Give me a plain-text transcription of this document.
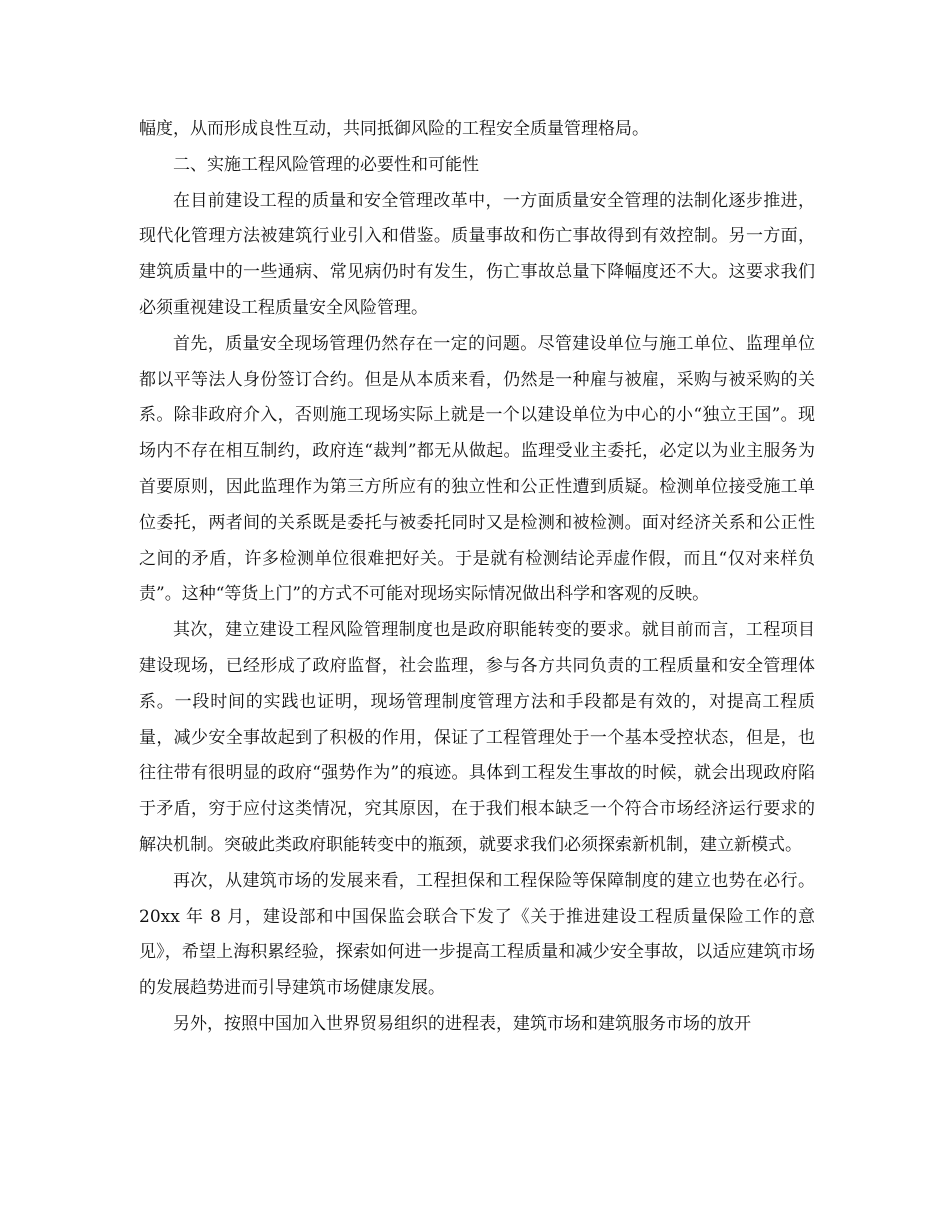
幅度，从而形成良性互动，共同抵御风险的工程安全质量管理格局。

二、实施工程风险管理的必要性和可能性

在目前建设工程的质量和安全管理改革中，一方面质量安全管理的法制化逐步推进，现代化管理方法被建筑行业引入和借鉴。质量事故和伤亡事故得到有效控制。另一方面，建筑质量中的一些通病、常见病仍时有发生，伤亡事故总量下降幅度还不大。这要求我们必须重视建设工程质量安全风险管理。

首先，质量安全现场管理仍然存在一定的问题。尽管建设单位与施工单位、监理单位都以平等法人身份签订合约。但是从本质来看，仍然是一种雇与被雇，采购与被采购的关系。除非政府介入，否则施工现场实际上就是一个以建设单位为中心的小“独立王国”。现场内不存在相互制约，政府连“裁判”都无从做起。监理受业主委托，必定以为业主服务为首要原则，因此监理作为第三方所应有的独立性和公正性遭到质疑。检测单位接受施工单位委托，两者间的关系既是委托与被委托同时又是检测和被检测。面对经济关系和公正性之间的矛盾，许多检测单位很难把好关。于是就有检测结论弄虚作假，而且“仅对来样负责”。这种“等货上门”的方式不可能对现场实际情况做出科学和客观的反映。

其次，建立建设工程风险管理制度也是政府职能转变的要求。就目前而言，工程项目建设现场，已经形成了政府监督，社会监理，参与各方共同负责的工程质量和安全管理体系。一段时间的实践也证明，现场管理制度管理方法和手段都是有效的，对提高工程质量，减少安全事故起到了积极的作用，保证了工程管理处于一个基本受控状态，但是，也往往带有很明显的政府“强势作为”的痕迹。具体到工程发生事故的时候，就会出现政府陷于矛盾，穷于应付这类情况，究其原因，在于我们根本缺乏一个符合市场经济运行要求的解决机制。突破此类政府职能转变中的瓶颈，就要求我们必须探索新机制，建立新模式。

再次，从建筑市场的发展来看，工程担保和工程保险等保障制度的建立也势在必行。20xx 年 8 月，建设部和中国保监会联合下发了《关于推进建设工程质量保险工作的意见》，希望上海积累经验，探索如何进一步提高工程质量和减少安全事故，以适应建筑市场的发展趋势进而引导建筑市场健康发展。

另外，按照中国加入世界贸易组织的进程表，建筑市场和建筑服务市场的放开
